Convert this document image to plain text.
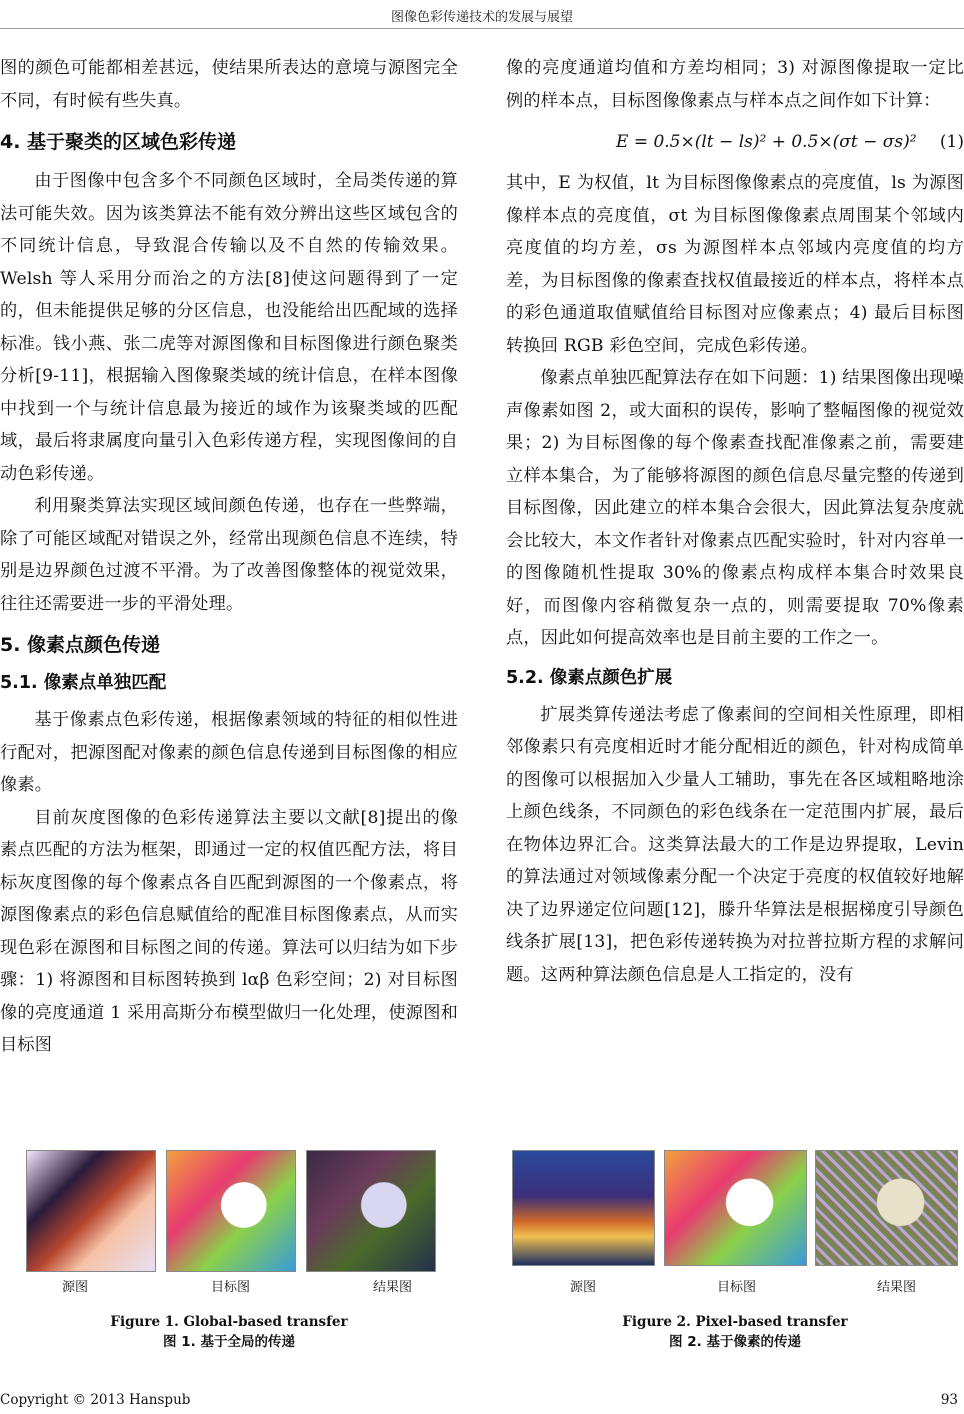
图像色彩传递技术的发展与展望

图的颜色可能都相差甚远，使结果所表达的意境与源图完全不同，有时候有些失真。

4. 基于聚类的区域色彩传递

由于图像中包含多个不同颜色区域时，全局类传递的算法可能失效。因为该类算法不能有效分辨出这些区域包含的不同统计信息，导致混合传输以及不自然的传输效果。Welsh 等人采用分而治之的方法[8]使这问题得到了一定的，但未能提供足够的分区信息，也没能给出匹配域的选择标准。钱小燕、张二虎等对源图像和目标图像进行颜色聚类分析[9-11]，根据输入图像聚类域的统计信息，在样本图像中找到一个与统计信息最为接近的域作为该聚类域的匹配域，最后将隶属度向量引入色彩传递方程，实现图像间的自动色彩传递。

利用聚类算法实现区域间颜色传递，也存在一些弊端，除了可能区域配对错误之外，经常出现颜色信息不连续，特别是边界颜色过渡不平滑。为了改善图像整体的视觉效果，往往还需要进一步的平滑处理。

5. 像素点颜色传递
5.1. 像素点单独匹配

基于像素点色彩传递，根据像素领域的特征的相似性进行配对，把源图配对像素的颜色信息传递到目标图像的相应像素。

目前灰度图像的色彩传递算法主要以文献[8]提出的像素点匹配的方法为框架，即通过一定的权值匹配方法，将目标灰度图像的每个像素点各自匹配到源图的一个像素点，将源图像素点的彩色信息赋值给的配准目标图像素点，从而实现色彩在源图和目标图之间的传递。算法可以归结为如下步骤：1) 将源图和目标图转换到 lαβ 色彩空间；2) 对目标图像的亮度通道 1 采用高斯分布模型做归一化处理，使源图和目标图

像的亮度通道均值和方差均相同；3) 对源图像提取一定比例的样本点，目标图像像素点与样本点之间作如下计算：

E = 0.5×(lt − ls)² + 0.5×(σt − σs)² (1)

其中，E 为权值，lt 为目标图像像素点的亮度值，ls 为源图像样本点的亮度值，σt 为目标图像像素点周围某个邻域内亮度值的均方差，σs 为源图样本点邻域内亮度值的均方差，为目标图像的像素查找权值最接近的样本点，将样本点的彩色通道取值赋值给目标图对应像素点；4) 最后目标图转换回 RGB 彩色空间，完成色彩传递。

像素点单独匹配算法存在如下问题：1) 结果图像出现噪声像素如图 2，或大面积的误传，影响了整幅图像的视觉效果；2) 为目标图像的每个像素查找配准像素之前，需要建立样本集合，为了能够将源图的颜色信息尽量完整的传递到目标图像，因此建立的样本集合会很大，因此算法复杂度就会比较大，本文作者针对像素点匹配实验时，针对内容单一的图像随机性提取 30%的像素点构成样本集合时效果良好，而图像内容稍微复杂一点的，则需要提取 70%像素点，因此如何提高效率也是目前主要的工作之一。

5.2. 像素点颜色扩展

扩展类算传递法考虑了像素间的空间相关性原理，即相邻像素只有亮度相近时才能分配相近的颜色，针对构成简单的图像可以根据加入少量人工辅助，事先在各区域粗略地涂上颜色线条，不同颜色的彩色线条在一定范围内扩展，最后在物体边界汇合。这类算法最大的工作是边界提取，Levin 的算法通过对领域像素分配一个决定于亮度的权值较好地解决了边界递定位问题[12]，滕升华算法是根据梯度引导颜色线条扩展[13]，把色彩传递转换为对拉普拉斯方程的求解问题。这两种算法颜色信息是人工指定的，没有

源图	目标图	结果图
Figure 1. Global-based transfer
图 1. 基于全局的传递
源图	目标图	结果图
Figure 2. Pixel-based transfer
图 2. 基于像素的传递
Copyright © 2013 Hanspub	93
